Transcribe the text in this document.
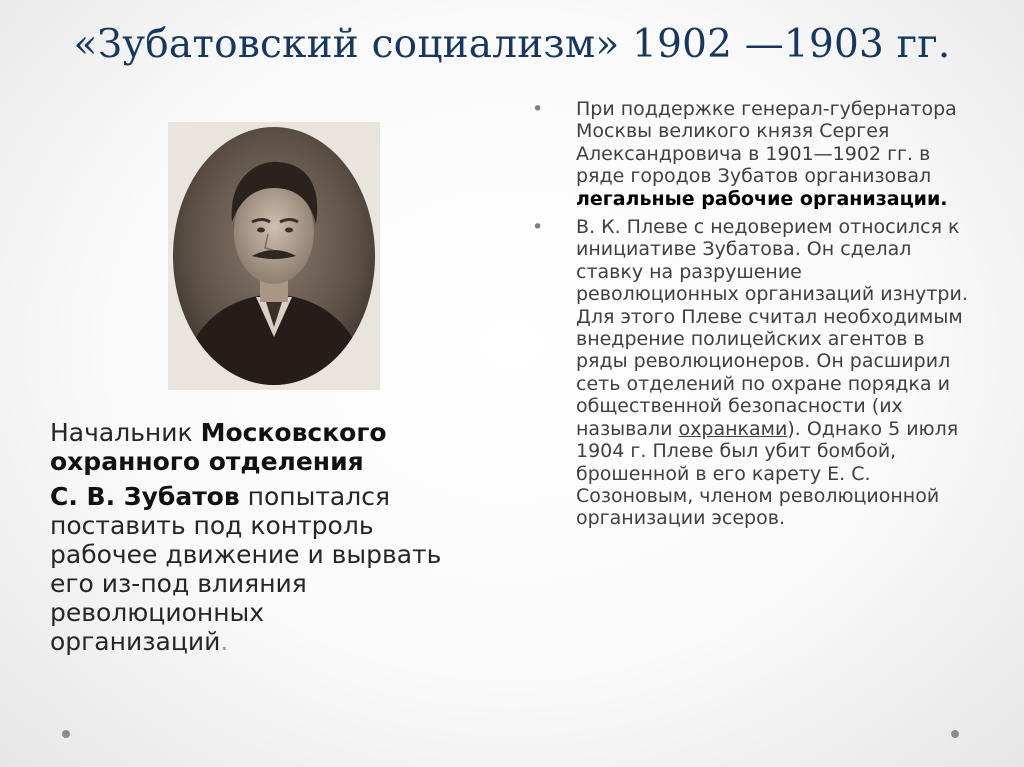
«Зубатовский социализм» 1902 —1903 гг.

Начальник Московского охранного отделения

С. В. Зубатов попытался поставить под контроль рабочее движение и вырвать его из-под влияния революционных организаций.

• При поддержке генерал-губернатора Москвы великого князя Сергея Александровича в 1901—1902 гг. в ряде городов Зубатов организовал легальные рабочие организации.
• В. К. Плеве с недоверием относился к инициативе Зубатова. Он сделал ставку на разрушение революционных организаций изнутри. Для этого Плеве считал необходимым внедрение полицейских агентов в ряды революционеров. Он расширил сеть отделений по охране порядка и общественной безопасности (их называли охранками). Однако 5 июля 1904 г. Плеве был убит бомбой, брошенной в его карету Е. С. Созоновым, членом революционной организации эсеров.
